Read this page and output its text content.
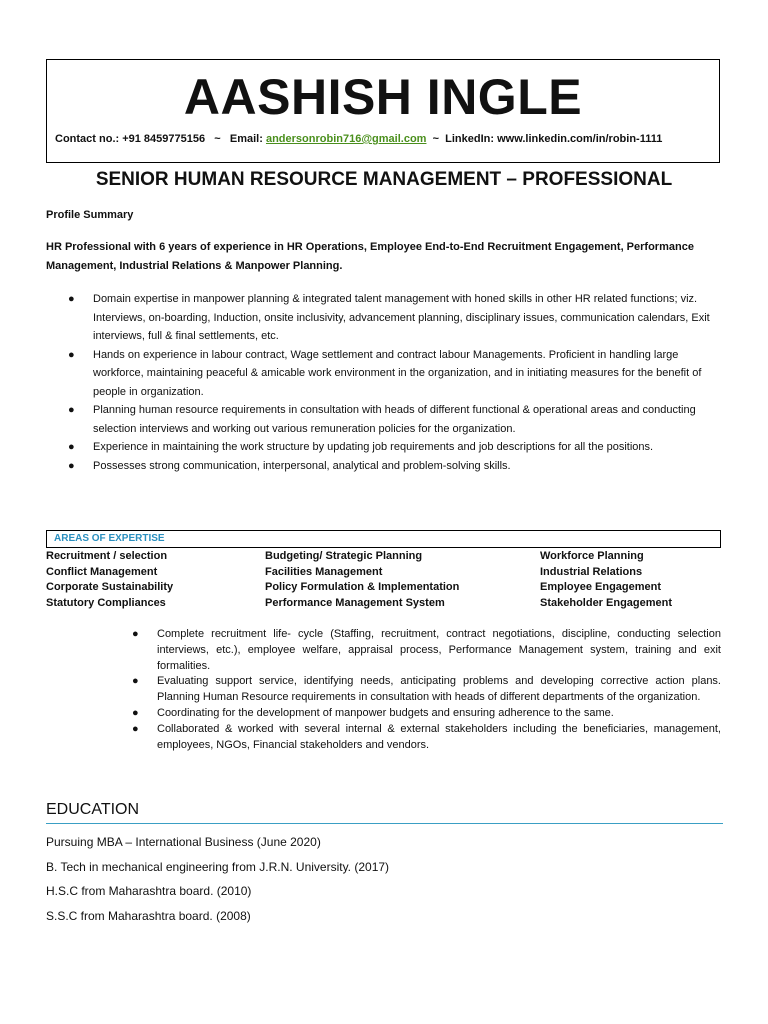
AASHISH INGLE
Contact no.: +91 8459775156 ~ Email: andersonrobin716@gmail.com ~ LinkedIn: www.linkedin.com/in/robin-1111
SENIOR HUMAN RESOURCE MANAGEMENT – PROFESSIONAL
Profile Summary
HR Professional with 6 years of experience in HR Operations, Employee End-to-End Recruitment Engagement, Performance Management, Industrial Relations & Manpower Planning.
● Domain expertise in manpower planning & integrated talent management with honed skills in other HR related functions; viz. Interviews, on-boarding, Induction, onsite inclusivity, advancement planning, disciplinary issues, communication calendars, Exit interviews, full & final settlements, etc.
● Hands on experience in labour contract, Wage settlement and contract labour Managements. Proficient in handling large workforce, maintaining peaceful & amicable work environment in the organization, and in initiating measures for the benefit of people in organization.
● Planning human resource requirements in consultation with heads of different functional & operational areas and conducting selection interviews and working out various remuneration policies for the organization.
● Experience in maintaining the work structure by updating job requirements and job descriptions for all the positions.
● Possesses strong communication, interpersonal, analytical and problem-solving skills.
AREAS OF EXPERTISE
Recruitment / selection	Budgeting/ Strategic Planning	Workforce Planning
Conflict Management	Facilities Management	Industrial Relations
Corporate Sustainability	Policy Formulation & Implementation	Employee Engagement
Statutory Compliances	Performance Management System	Stakeholder Engagement
● Complete recruitment life- cycle (Staffing, recruitment, contract negotiations, discipline, conducting selection interviews, etc.), employee welfare, appraisal process, Performance Management system, training and exit formalities.
● Evaluating support service, identifying needs, anticipating problems and developing corrective action plans. Planning Human Resource requirements in consultation with heads of different departments of the organization.
● Coordinating for the development of manpower budgets and ensuring adherence to the same.
● Collaborated & worked with several internal & external stakeholders including the beneficiaries, management, employees, NGOs, Financial stakeholders and vendors.
EDUCATION
Pursuing MBA – International Business (June 2020)
B. Tech in mechanical engineering from J.R.N. University. (2017)
H.S.C from Maharashtra board. (2010)
S.S.C from Maharashtra board. (2008)
